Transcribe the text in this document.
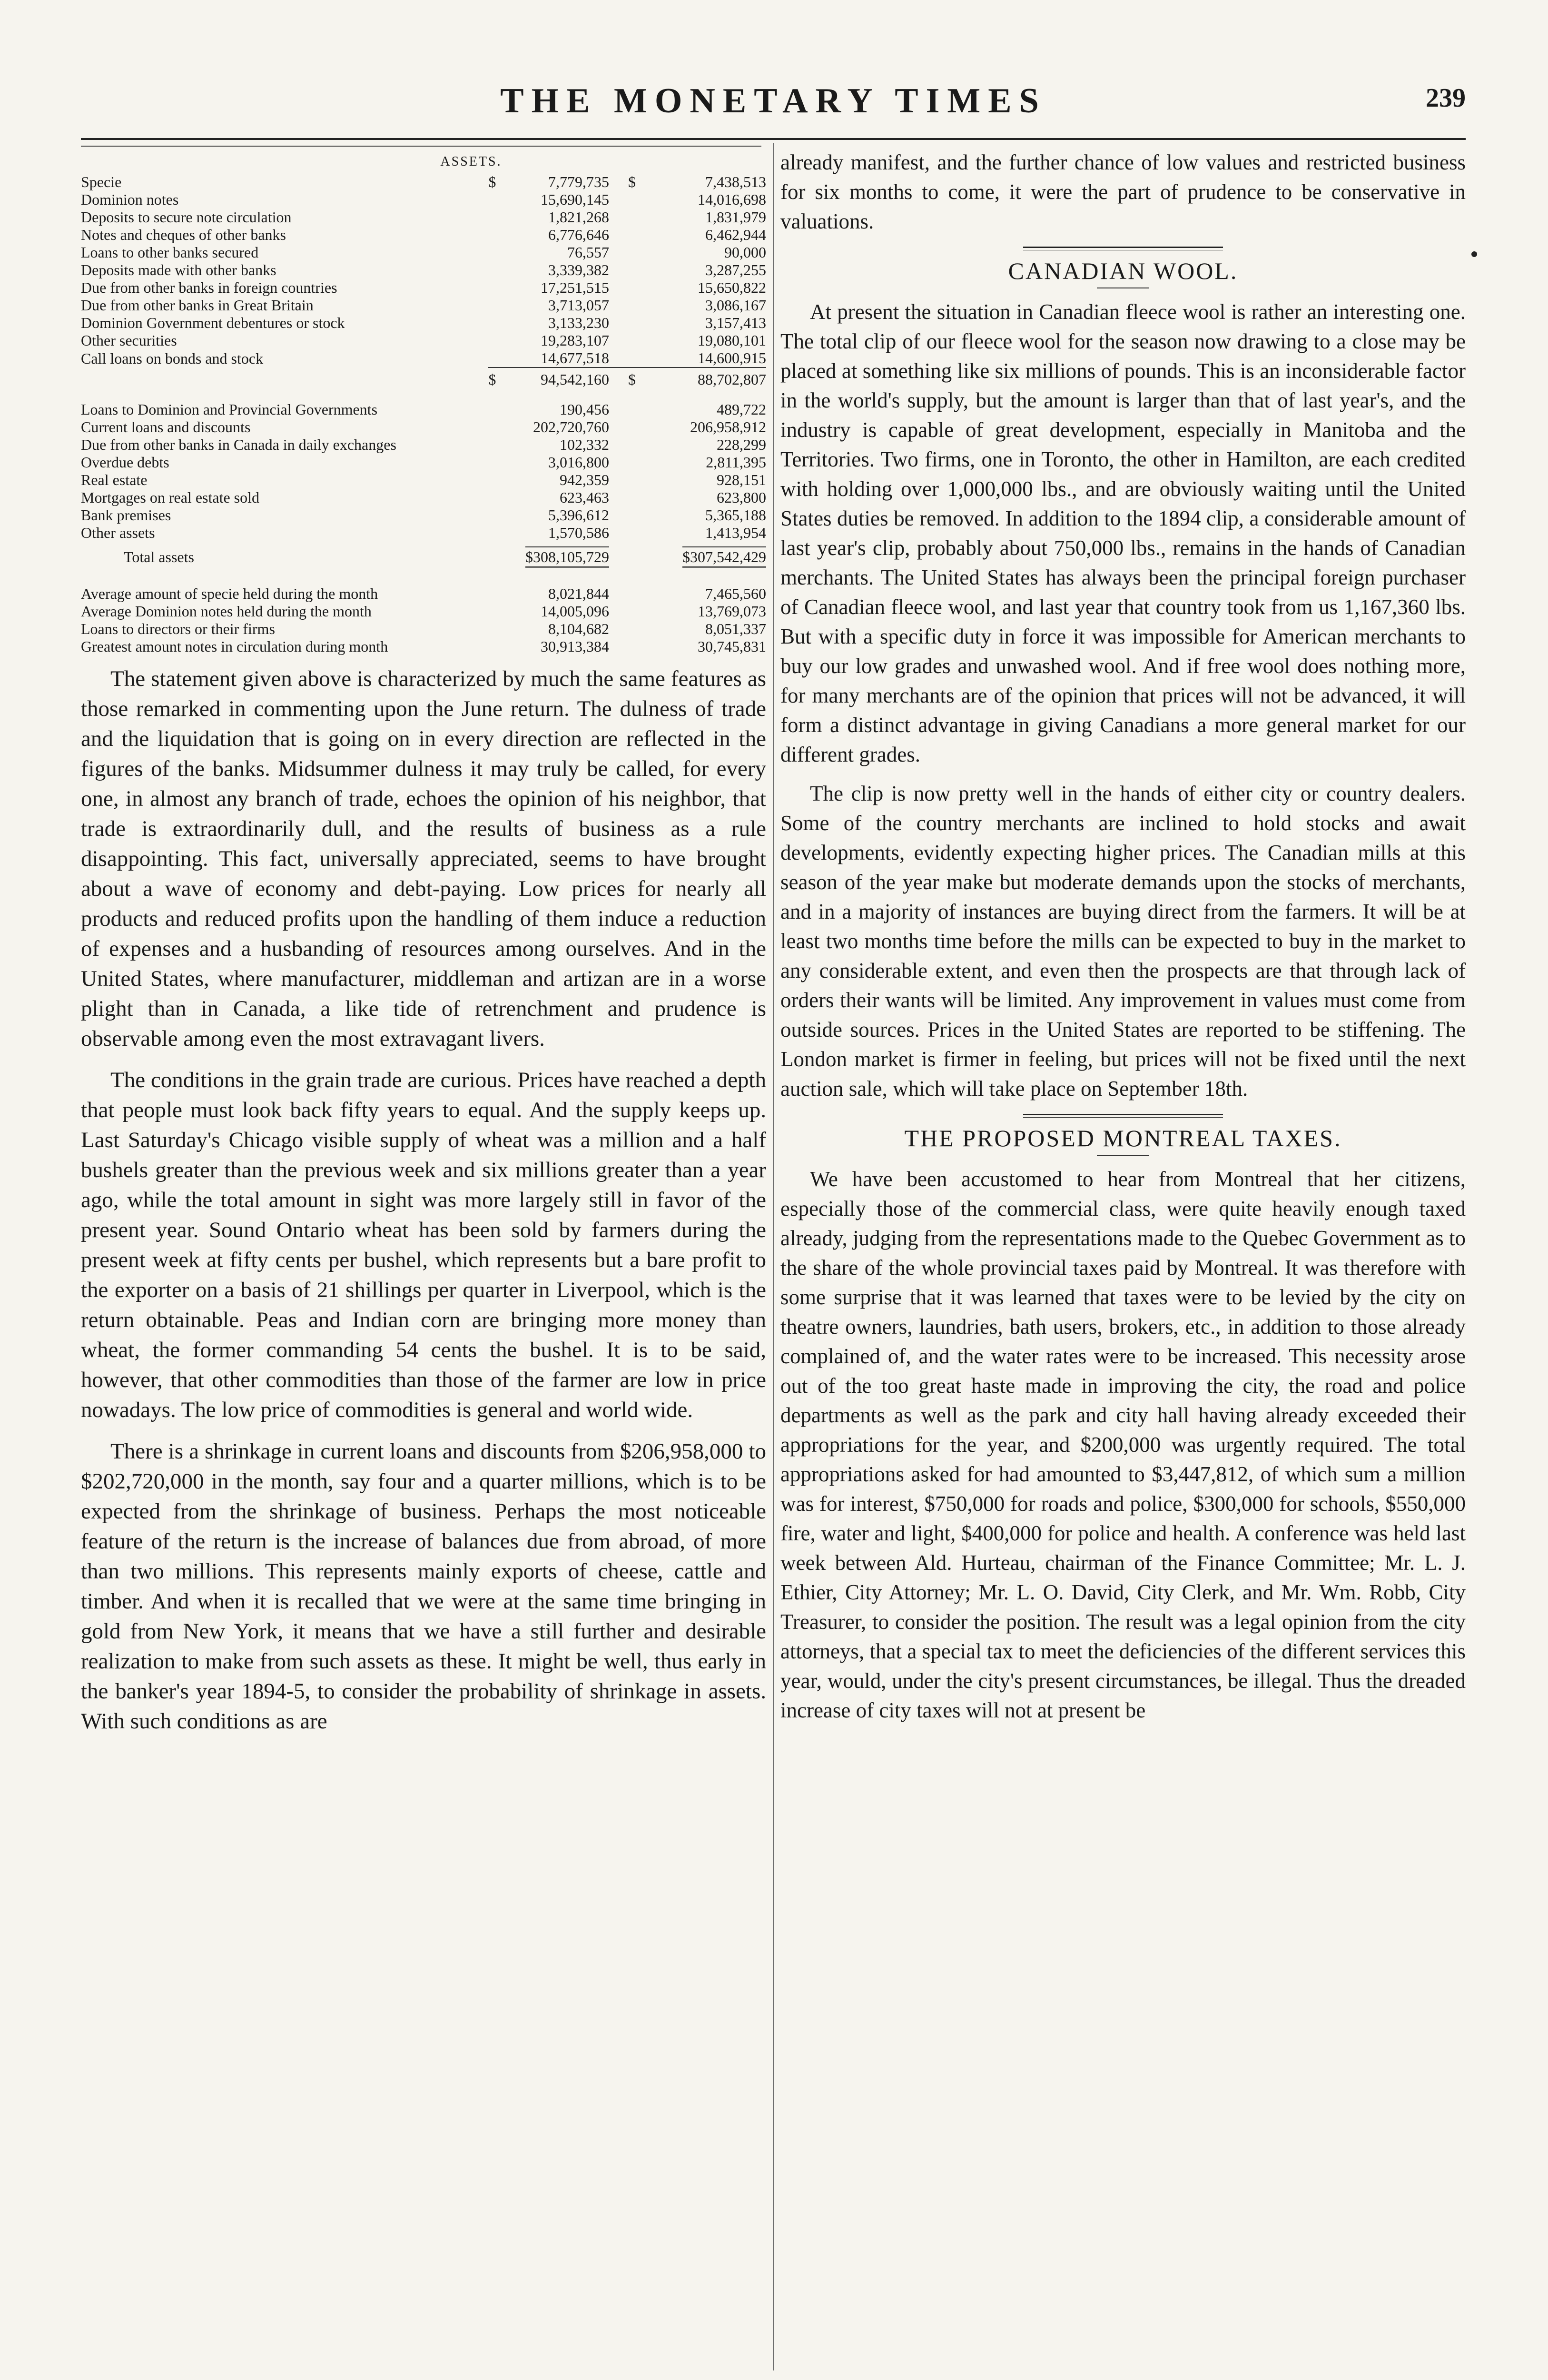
THE MONETARY TIMES	239
ASSETS.
Specie	$	7,779,735	$	7,438,513
Dominion notes		15,690,145		14,016,698
Deposits to secure note circulation		1,821,268		1,831,979
Notes and cheques of other banks		6,776,646		6,462,944
Loans to other banks secured		76,557		90,000
Deposits made with other banks		3,339,382		3,287,255
Due from other banks in foreign countries		17,251,515		15,650,822
Due from other banks in Great Britain		3,713,057		3,086,167
Dominion Government debentures or stock		3,133,230		3,157,413
Other securities		19,283,107		19,080,101
Call loans on bonds and stock		14,677,518		14,600,915
	$	94,542,160	$	88,702,807

Loans to Dominion and Provincial Governments		190,456		489,722
Current loans and discounts		202,720,760		206,958,912
Due from other banks in Canada in daily exchanges		102,332		228,299
Overdue debts		3,016,800		2,811,395
Real estate		942,359		928,151
Mortgages on real estate sold		623,463		623,800
Bank premises		5,396,612		5,365,188
Other assets		1,570,586		1,413,954
Total assets		$308,105,729		$307,542,429

Average amount of specie held during the month		8,021,844		7,465,560
Average Dominion notes held during the month		14,005,096		13,769,073
Loans to directors or their firms		8,104,682		8,051,337
Greatest amount notes in circulation during month		30,913,384		30,745,831

The statement given above is characterized by much the same features as those remarked in commenting upon the June return. The dulness of trade and the liquidation that is going on in every direction are reflected in the figures of the banks. Midsummer dulness it may truly be called, for every one, in almost any branch of trade, echoes the opinion of his neighbor, that trade is extraordinarily dull, and the results of business as a rule disappointing. This fact, universally appreciated, seems to have brought about a wave of economy and debt-paying. Low prices for nearly all products and reduced profits upon the handling of them induce a reduction of expenses and a husbanding of resources among ourselves. And in the United States, where manufacturer, middleman and artizan are in a worse plight than in Canada, a like tide of retrenchment and prudence is observable among even the most extravagant livers.

The conditions in the grain trade are curious. Prices have reached a depth that people must look back fifty years to equal. And the supply keeps up. Last Saturday's Chicago visible supply of wheat was a million and a half bushels greater than the previous week and six millions greater than a year ago, while the total amount in sight was more largely still in favor of the present year. Sound Ontario wheat has been sold by farmers during the present week at fifty cents per bushel, which represents but a bare profit to the exporter on a basis of 21 shillings per quarter in Liverpool, which is the return obtainable. Peas and Indian corn are bringing more money than wheat, the former commanding 54 cents the bushel. It is to be said, however, that other commodities than those of the farmer are low in price nowadays. The low price of commodities is general and world wide.

There is a shrinkage in current loans and discounts from $206,958,000 to $202,720,000 in the month, say four and a quarter millions, which is to be expected from the shrinkage of business. Perhaps the most noticeable feature of the return is the increase of balances due from abroad, of more than two millions. This represents mainly exports of cheese, cattle and timber. And when it is recalled that we were at the same time bringing in gold from New York, it means that we have a still further and desirable realization to make from such assets as these. It might be well, thus early in the banker's year 1894-5, to consider the probability of shrinkage in assets. With such conditions as are

already manifest, and the further chance of low values and restricted business for six months to come, it were the part of prudence to be conservative in valuations.

CANADIAN WOOL.

At present the situation in Canadian fleece wool is rather an interesting one. The total clip of our fleece wool for the season now drawing to a close may be placed at something like six millions of pounds. This is an inconsiderable factor in the world's supply, but the amount is larger than that of last year's, and the industry is capable of great development, especially in Manitoba and the Territories. Two firms, one in Toronto, the other in Hamilton, are each credited with holding over 1,000,000 lbs., and are obviously waiting until the United States duties be removed. In addition to the 1894 clip, a considerable amount of last year's clip, probably about 750,000 lbs., remains in the hands of Canadian merchants. The United States has always been the principal foreign purchaser of Canadian fleece wool, and last year that country took from us 1,167,360 lbs. But with a specific duty in force it was impossible for American merchants to buy our low grades and unwashed wool. And if free wool does nothing more, for many merchants are of the opinion that prices will not be advanced, it will form a distinct advantage in giving Canadians a more general market for our different grades.

The clip is now pretty well in the hands of either city or country dealers. Some of the country merchants are inclined to hold stocks and await developments, evidently expecting higher prices. The Canadian mills at this season of the year make but moderate demands upon the stocks of merchants, and in a majority of instances are buying direct from the farmers. It will be at least two months time before the mills can be expected to buy in the market to any considerable extent, and even then the prospects are that through lack of orders their wants will be limited. Any improvement in values must come from outside sources. Prices in the United States are reported to be stiffening. The London market is firmer in feeling, but prices will not be fixed until the next auction sale, which will take place on September 18th.

THE PROPOSED MONTREAL TAXES.

We have been accustomed to hear from Montreal that her citizens, especially those of the commercial class, were quite heavily enough taxed already, judging from the representations made to the Quebec Government as to the share of the whole provincial taxes paid by Montreal. It was therefore with some surprise that it was learned that taxes were to be levied by the city on theatre owners, laundries, bath users, brokers, etc., in addition to those already complained of, and the water rates were to be increased. This necessity arose out of the too great haste made in improving the city, the road and police departments as well as the park and city hall having already exceeded their appropriations for the year, and $200,000 was urgently required. The total appropriations asked for had amounted to $3,447,812, of which sum a million was for interest, $750,000 for roads and police, $300,000 for schools, $550,000 fire, water and light, $400,000 for police and health. A conference was held last week between Ald. Hurteau, chairman of the Finance Committee; Mr. L. J. Ethier, City Attorney; Mr. L. O. David, City Clerk, and Mr. Wm. Robb, City Treasurer, to consider the position. The result was a legal opinion from the city attorneys, that a special tax to meet the deficiencies of the different services this year, would, under the city's present circumstances, be illegal. Thus the dreaded increase of city taxes will not at present be
